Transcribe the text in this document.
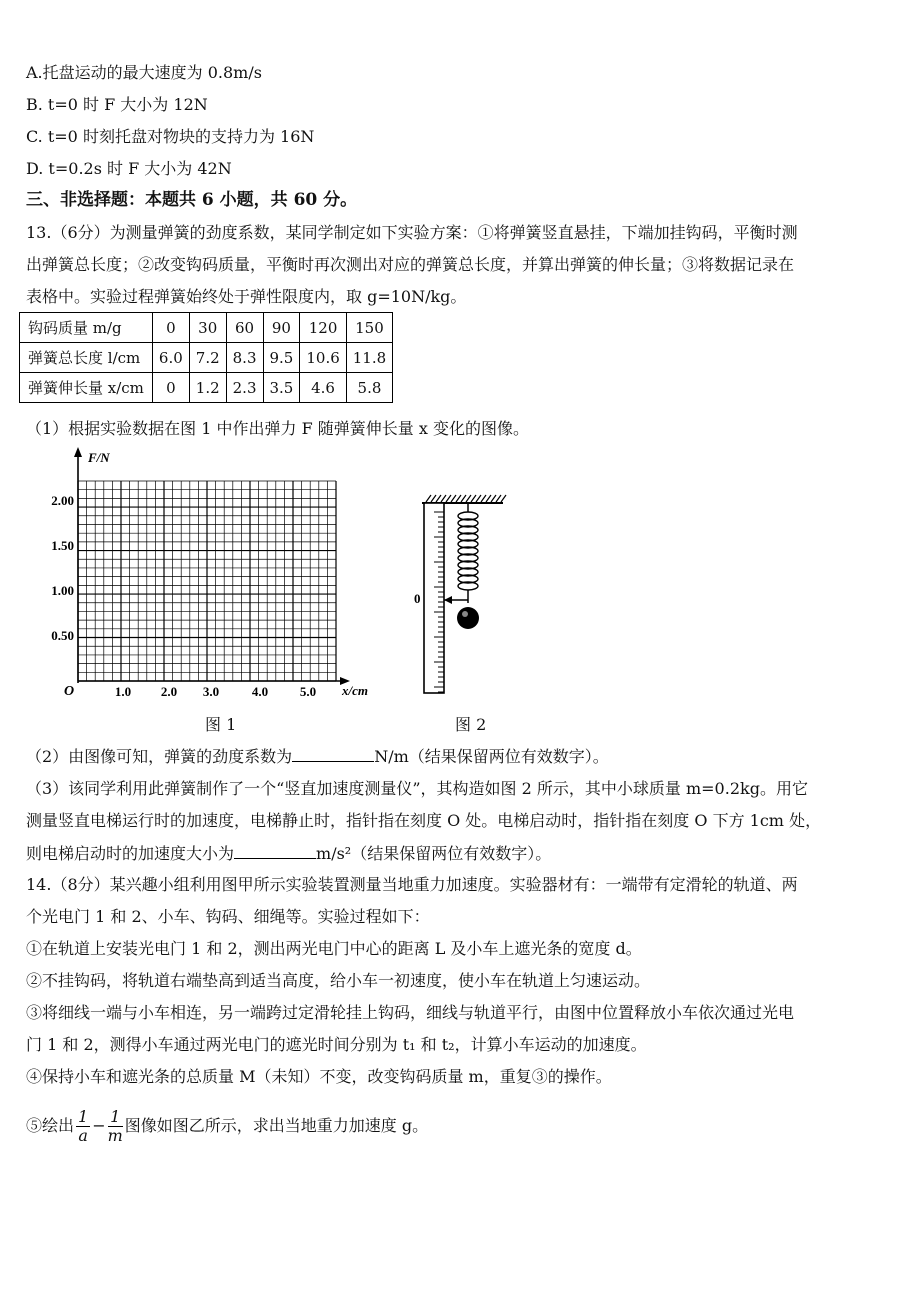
A.托盘运动的最大速度为 0.8m/s
B. t=0 时 F 大小为 12N
C. t=0 时刻托盘对物块的支持力为 16N
D. t=0.2s 时 F 大小为 42N
三、非选择题：本题共 6 小题，共 60 分。
13.（6分）为测量弹簧的劲度系数，某同学制定如下实验方案：①将弹簧竖直悬挂，下端加挂钩码，平衡时测
出弹簧总长度；②改变钩码质量，平衡时再次测出对应的弹簧总长度，并算出弹簧的伸长量；③将数据记录在
表格中。实验过程弹簧始终处于弹性限度内，取 g=10N/kg。
钩码质量 m/g	0	30	60	90	120	150
弹簧总长度 l/cm	6.0	7.2	8.3	9.5	10.6	11.8
弹簧伸长量 x/cm	0	1.2	2.3	3.5	4.6	5.8
（1）根据实验数据在图 1 中作出弹力 F 随弹簧伸长量 x 变化的图像。
F/N
x/cm
O
0.50
1.00
1.50
2.00
1.0 2.0 3.0	4.0 5.0
0
图 1	图 2
（2）由图像可知，弹簧的劲度系数为	N/m（结果保留两位有效数字）。
（3）该同学利用此弹簧制作了一个“竖直加速度测量仪”，其构造如图 2 所示，其中小球质量 m=0.2kg。用它
测量竖直电梯运行时的加速度，电梯静止时，指针指在刻度 O 处。电梯启动时，指针指在刻度 O 下方 1cm 处，
则电梯启动时的加速度大小为	m/s²（结果保留两位有效数字）。
14.（8分）某兴趣小组利用图甲所示实验装置测量当地重力加速度。实验器材有：一端带有定滑轮的轨道、两
个光电门 1 和 2、小车、钩码、细绳等。实验过程如下：
①在轨道上安装光电门 1 和 2，测出两光电门中心的距离 L 及小车上遮光条的宽度 d。
②不挂钩码，将轨道右端垫高到适当高度，给小车一初速度，使小车在轨道上匀速运动。
③将细线一端与小车相连，另一端跨过定滑轮挂上钩码，细线与轨道平行，由图中位置释放小车依次通过光电
门 1 和 2，测得小车通过两光电门的遮光时间分别为 t₁ 和 t₂，计算小车运动的加速度。
④保持小车和遮光条的总质量 M（未知）不变，改变钩码质量 m，重复③的操作。
⑤绘出 $\frac{1}{a} - \frac{1}{m}$ 图像如图乙所示，求出当地重力加速度 g。
